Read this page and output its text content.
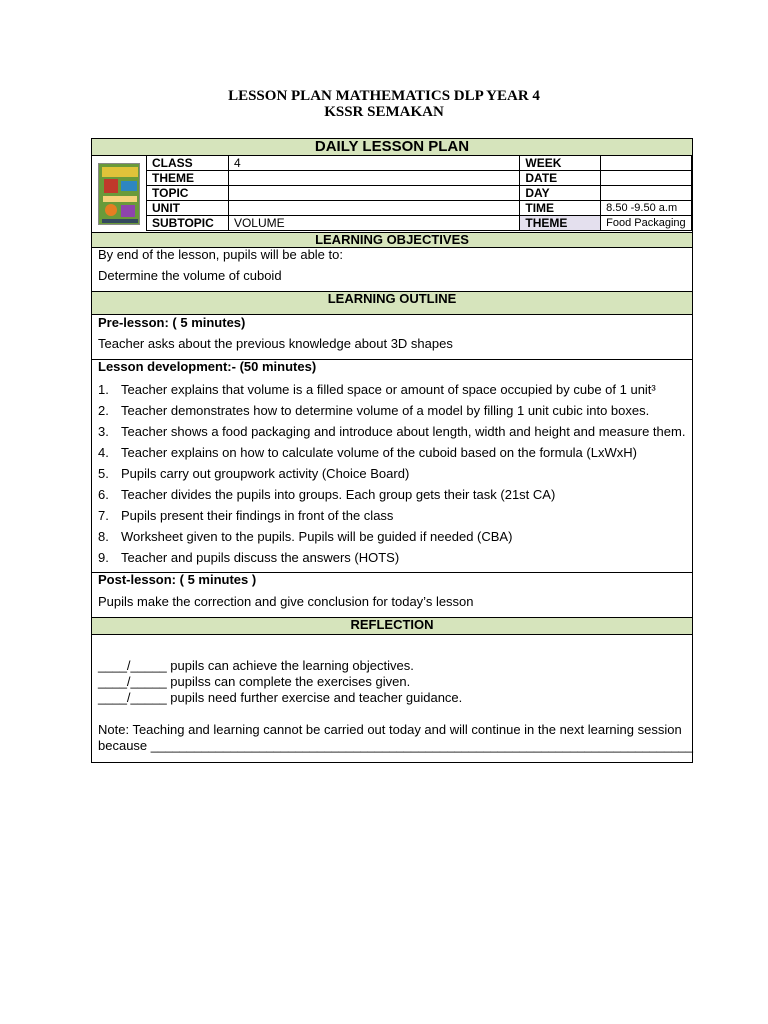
LESSON PLAN MATHEMATICS DLP YEAR 4
KSSR SEMAKAN
DAILY LESSON PLAN
CLASS	4	WEEK	
THEME		DATE	
TOPIC		DAY	
UNIT		TIME	8.50 -9.50 a.m
SUBTOPIC	VOLUME	THEME	Food Packaging
LEARNING OBJECTIVES
By end of the lesson, pupils will be able to:
Determine the volume of cuboid
LEARNING OUTLINE
Pre-lesson: ( 5 minutes)
Teacher asks about the previous knowledge about 3D shapes
Lesson development:- (50 minutes)
1. Teacher explains that volume is a filled space or amount of space occupied by cube of 1 unit³
2. Teacher demonstrates how to determine volume of a model by filling 1 unit cubic into boxes.
3. Teacher shows a food packaging and introduce about length, width and height and measure them.
4. Teacher explains on how to calculate volume of the cuboid based on the formula (LxWxH)
5. Pupils carry out groupwork activity (Choice Board)
6. Teacher divides the pupils into groups. Each group gets their task (21st CA)
7. Pupils present their findings in front of the class
8. Worksheet given to the pupils. Pupils will be guided if needed (CBA)
9. Teacher and pupils discuss the answers (HOTS)
Post-lesson: ( 5 minutes )
Pupils make the correction and give conclusion for today’s lesson
REFLECTION
____/_____ pupils can achieve the learning objectives.
____/_____ pupilss can complete the exercises given.
____/_____ pupils need further exercise and teacher guidance.
Note: Teaching and learning cannot be carried out today and will continue in the next learning session
because ___________________________________________________________________________
